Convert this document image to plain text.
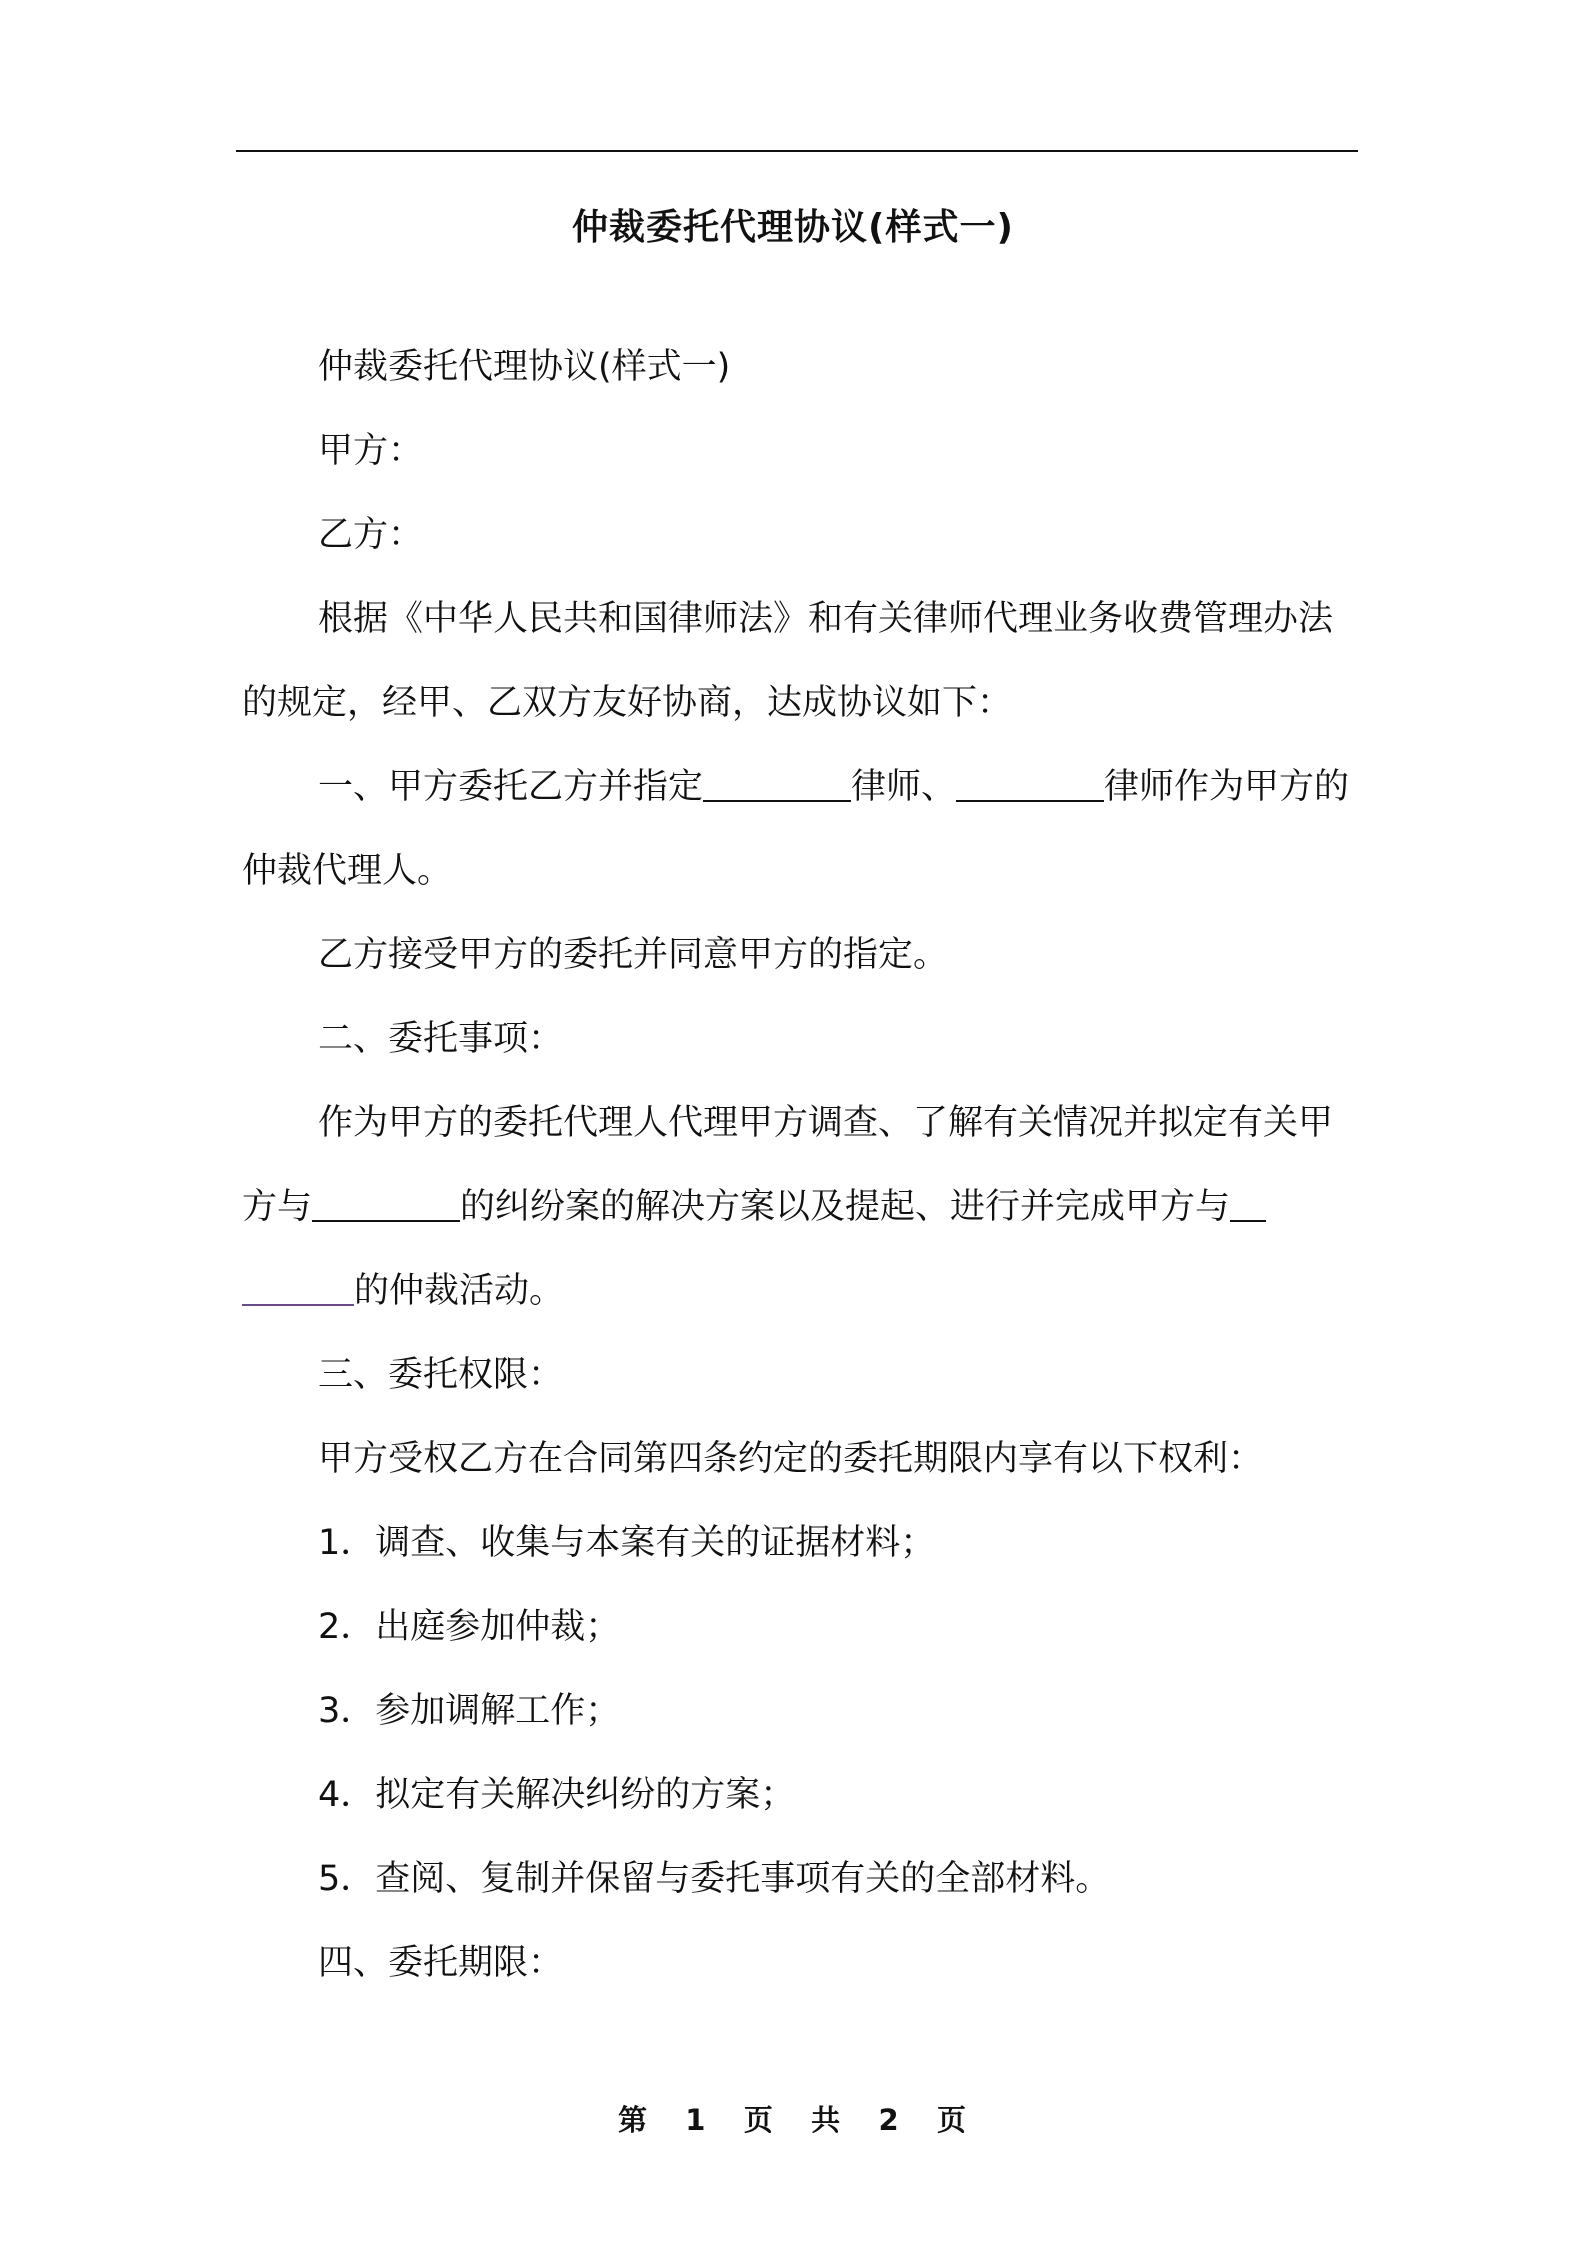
仲裁委托代理协议(样式一)

仲裁委托代理协议(样式一)

甲方：

乙方：

根据《中华人民共和国律师法》和有关律师代理业务收费管理办法的规定，经甲、乙双方友好协商，达成协议如下：

一、甲方委托乙方并指定	律师、	律师作为甲方的仲裁代理人。

乙方接受甲方的委托并同意甲方的指定。

二、委托事项：

作为甲方的委托代理人代理甲方调查、了解有关情况并拟定有关甲方与	的纠纷案的解决方案以及提起、进行并完成甲方与
的仲裁活动。

三、委托权限：

甲方受权乙方在合同第四条约定的委托期限内享有以下权利：

1．调查、收集与本案有关的证据材料；

2．出庭参加仲裁；

3．参加调解工作；

4．拟定有关解决纠纷的方案；

5．查阅、复制并保留与委托事项有关的全部材料。

四、委托期限：

第 1 页 共 2 页
